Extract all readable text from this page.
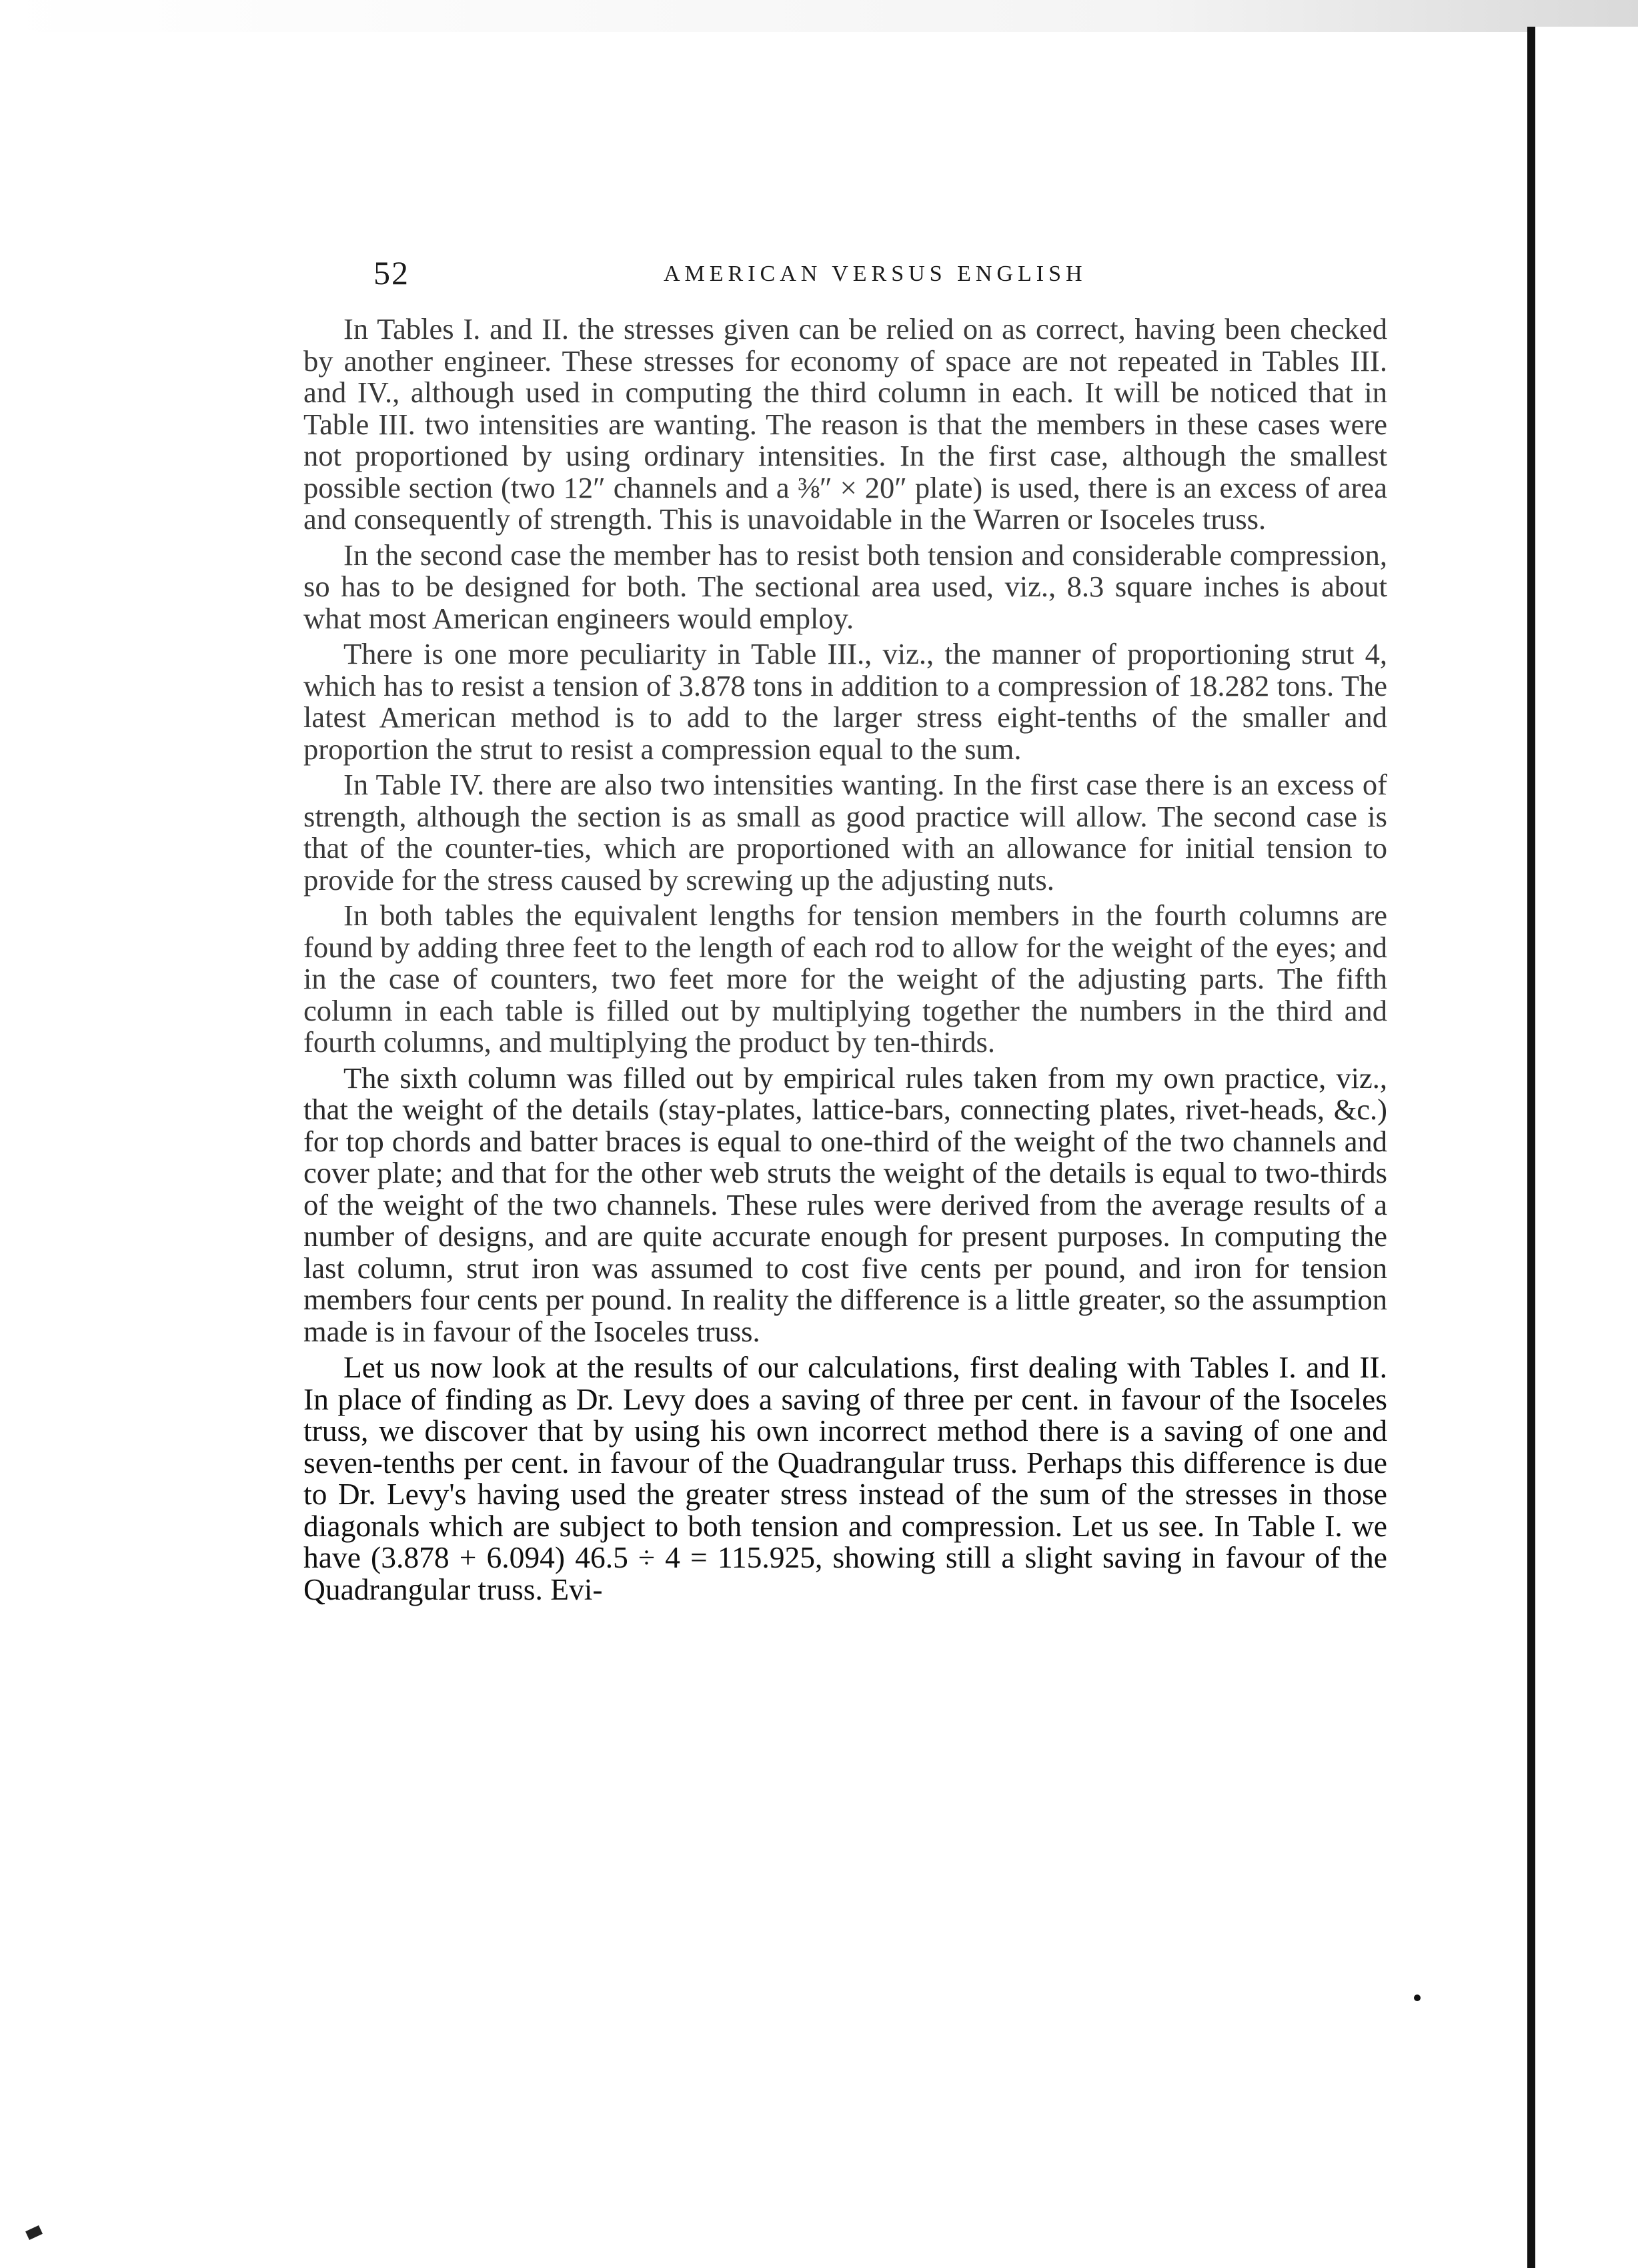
52	AMERICAN VERSUS ENGLISH

In Tables I. and II. the stresses given can be relied on as correct, having been checked by another engineer. These stresses for economy of space are not repeated in Tables III. and IV., although used in computing the third column in each. It will be noticed that in Table III. two intensities are wanting. The reason is that the members in these cases were not proportioned by using ordinary intensities. In the first case, although the smallest possible section (two 12″ channels and a ⅜″ × 20″ plate) is used, there is an excess of area and consequently of strength. This is unavoidable in the Warren or Isoceles truss.

In the second case the member has to resist both tension and considerable compression, so has to be designed for both. The sectional area used, viz., 8.3 square inches is about what most American engineers would employ.

There is one more peculiarity in Table III., viz., the manner of proportioning strut 4, which has to resist a tension of 3.878 tons in addition to a compression of 18.282 tons. The latest American method is to add to the larger stress eight-tenths of the smaller and proportion the strut to resist a compression equal to the sum.

In Table IV. there are also two intensities wanting. In the first case there is an excess of strength, although the section is as small as good practice will allow. The second case is that of the counter-ties, which are proportioned with an allowance for initial tension to provide for the stress caused by screwing up the adjusting nuts.

In both tables the equivalent lengths for tension members in the fourth columns are found by adding three feet to the length of each rod to allow for the weight of the eyes; and in the case of counters, two feet more for the weight of the adjusting parts. The fifth column in each table is filled out by multiplying together the numbers in the third and fourth columns, and multiplying the product by ten-thirds.

The sixth column was filled out by empirical rules taken from my own practice, viz., that the weight of the details (stay-plates, lattice-bars, connecting plates, rivet-heads, &c.) for top chords and batter braces is equal to one-third of the weight of the two channels and cover plate; and that for the other web struts the weight of the details is equal to two-thirds of the weight of the two channels. These rules were derived from the average results of a number of designs, and are quite accurate enough for present purposes. In computing the last column, strut iron was assumed to cost five cents per pound, and iron for tension members four cents per pound. In reality the difference is a little greater, so the assumption made is in favour of the Isoceles truss.

Let us now look at the results of our calculations, first dealing with Tables I. and II. In place of finding as Dr. Levy does a saving of three per cent. in favour of the Isoceles truss, we discover that by using his own incorrect method there is a saving of one and seven-tenths per cent. in favour of the Quadrangular truss. Perhaps this difference is due to Dr. Levy's having used the greater stress instead of the sum of the stresses in those diagonals which are subject to both tension and compression. Let us see. In Table I. we have (3.878 + 6.094) 46.5 ÷ 4 = 115.925, showing still a slight saving in favour of the Quadrangular truss. Evi-
